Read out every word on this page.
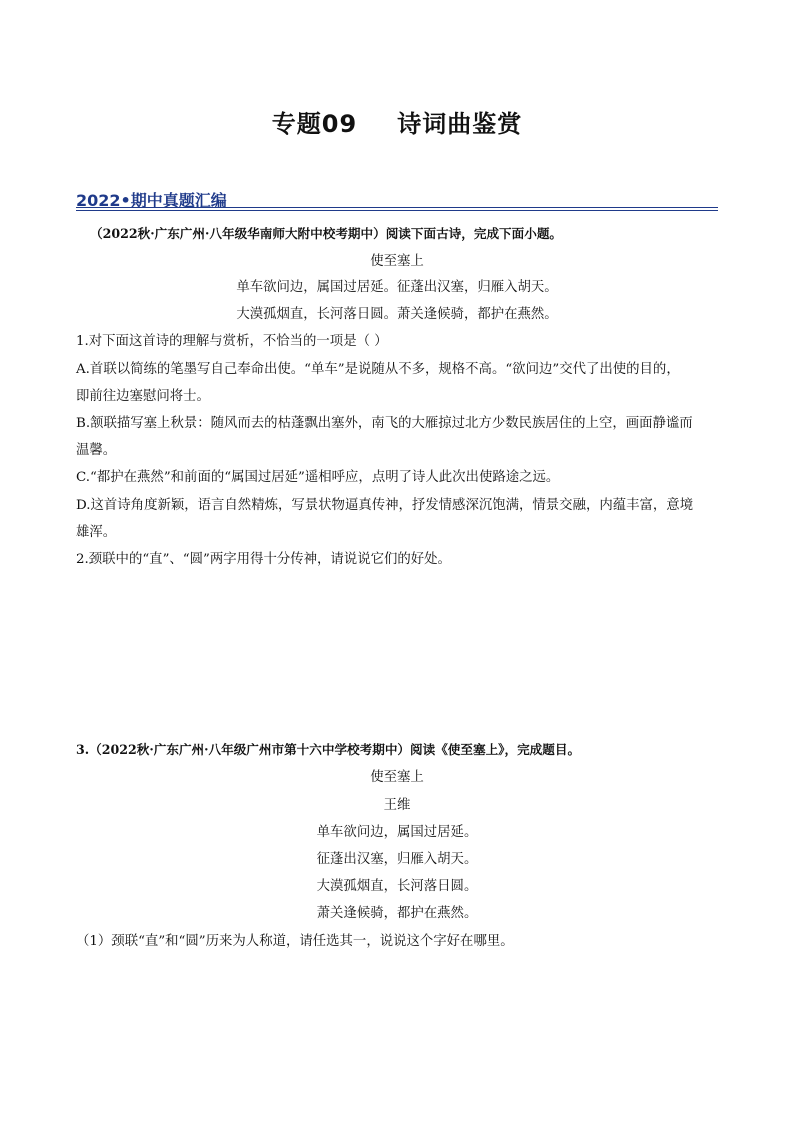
专题09 诗词曲鉴赏
2022•期中真题汇编
（2022秋·广东广州·八年级华南师大附中校考期中）阅读下面古诗，完成下面小题。
使至塞上
单车欲问边，属国过居延。征蓬出汉塞，归雁入胡天。
大漠孤烟直，长河落日圆。萧关逢候骑，都护在燕然。
1.对下面这首诗的理解与赏析，不恰当的一项是（ ）
A.首联以简练的笔墨写自己奉命出使。“单车”是说随从不多，规格不高。“欲问边”交代了出使的目的，
即前往边塞慰问将士。
B.颔联描写塞上秋景：随风而去的枯蓬飘出塞外，南飞的大雁掠过北方少数民族居住的上空，画面静谧而
温馨。
C.“都护在燕然”和前面的“属国过居延”遥相呼应，点明了诗人此次出使路途之远。
D.这首诗角度新颖，语言自然精炼，写景状物逼真传神，抒发情感深沉饱满，情景交融，内蕴丰富，意境
雄浑。
2.颈联中的“直”、“圆”两字用得十分传神，请说说它们的好处。
3.（2022秋·广东广州·八年级广州市第十六中学校考期中）阅读《使至塞上》，完成题目。
使至塞上
王维
单车欲问边，属国过居延。
征蓬出汉塞，归雁入胡天。
大漠孤烟直，长河落日圆。
萧关逢候骑，都护在燕然。
（1）颈联“直”和“圆”历来为人称道，请任选其一，说说这个字好在哪里。
